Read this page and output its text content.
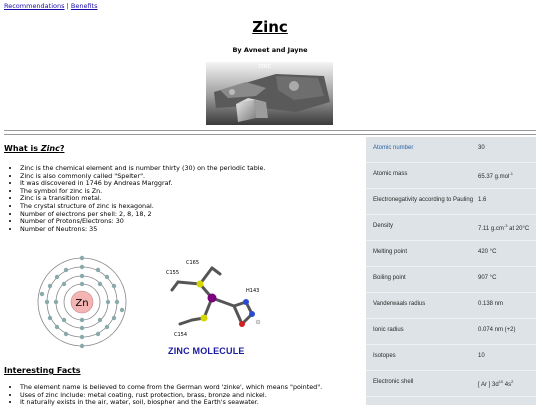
Recommendations | Benefits
Zinc
By Avneet and Jayne
ZINC

What is Zinc?

• Zinc is the chemical element and is number thirty (30) on the periodic table.
• Zinc is also commonly called "Spelter".
• It was discovered in 1746 by Andreas Marggraf.
• The symbol for zinc is Zn.
• Zinc is a transition metal.
• The crystal structure of zinc is hexagonal.
• Number of electrons per shell: 2, 8, 18, 2
• Number of Protons/Electrons: 30
• Number of Neutrons: 35
Zn
C165
C155
H143
C154
ZINC MOLECULE

Interesting Facts

• The element name is believed to come from the German word 'zinke', which means "pointed".
• Uses of zinc include: metal coating, rust protection, brass, bronze and nickel.
• It naturally exists in the air, water, soil, biospher and the Earth's seawater.
Atomic number	30
Atomic mass	65.37 g.mol$^{-1}$
Electronegativity according to Pauling 1.6
Density	7.11 $g.cm^{-3}$ at 20°C
Melting point	420 °C
Boiling point	907 °C
Vanderwaals radius	0.138 nm
Ionic radius	0.074 nm (+2)
Isotopes	10
Electronic shell	[ Ar ] $3d^{10}$ $4s^2$
